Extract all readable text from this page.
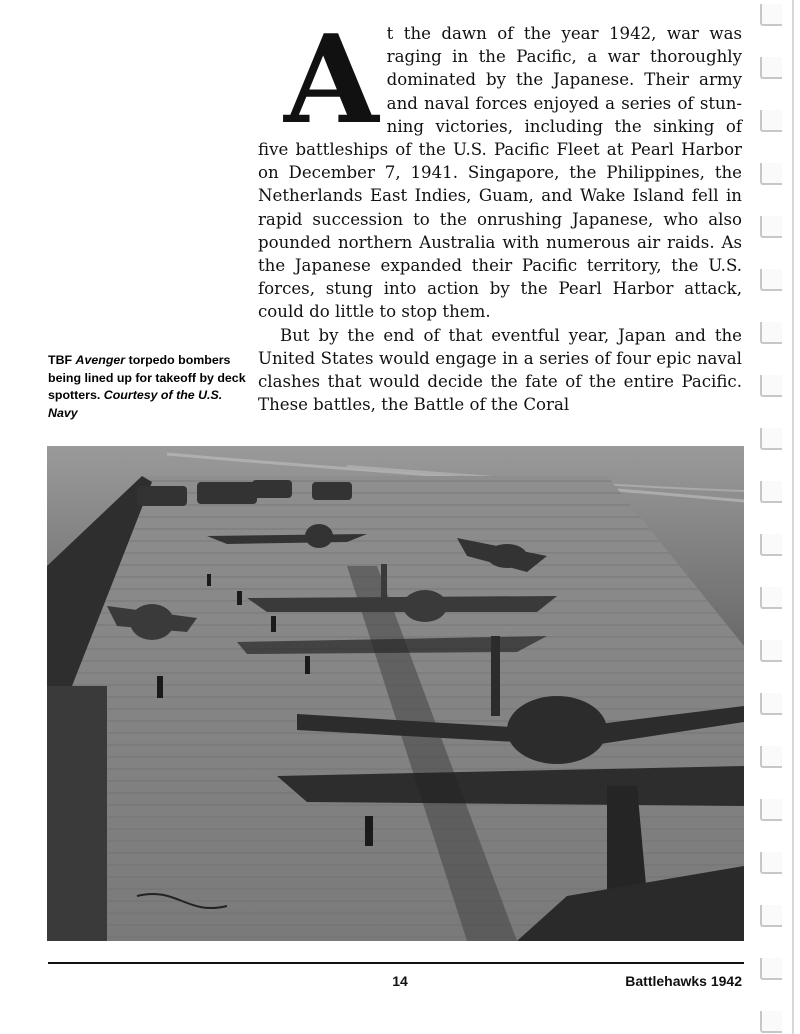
A t the dawn of the year 1942, war was raging in the Pacific, a war thoroughly dominated by the Japanese. Their army and naval forces enjoyed a series of stunning victories, including the sinking of five battleships of the U.S. Pacific Fleet at Pearl Harbor on December 7, 1941. Singapore, the Philippines, the Netherlands East Indies, Guam, and Wake Island fell in rapid succession to the onrushing Japanese, who also pounded northern Australia with numerous air raids. As the Japanese expanded their Pacific territory, the U.S. forces, stung into action by the Pearl Harbor attack, could do little to stop them.

But by the end of that eventful year, Japan and the United States would engage in a series of four epic naval clashes that would decide the fate of the entire Pacific. These battles, the Battle of the Coral

TBF Avenger torpedo bombers being lined up for takeoff by deck spotters. Courtesy of the U.S. Navy
14	Battlehawks 1942
